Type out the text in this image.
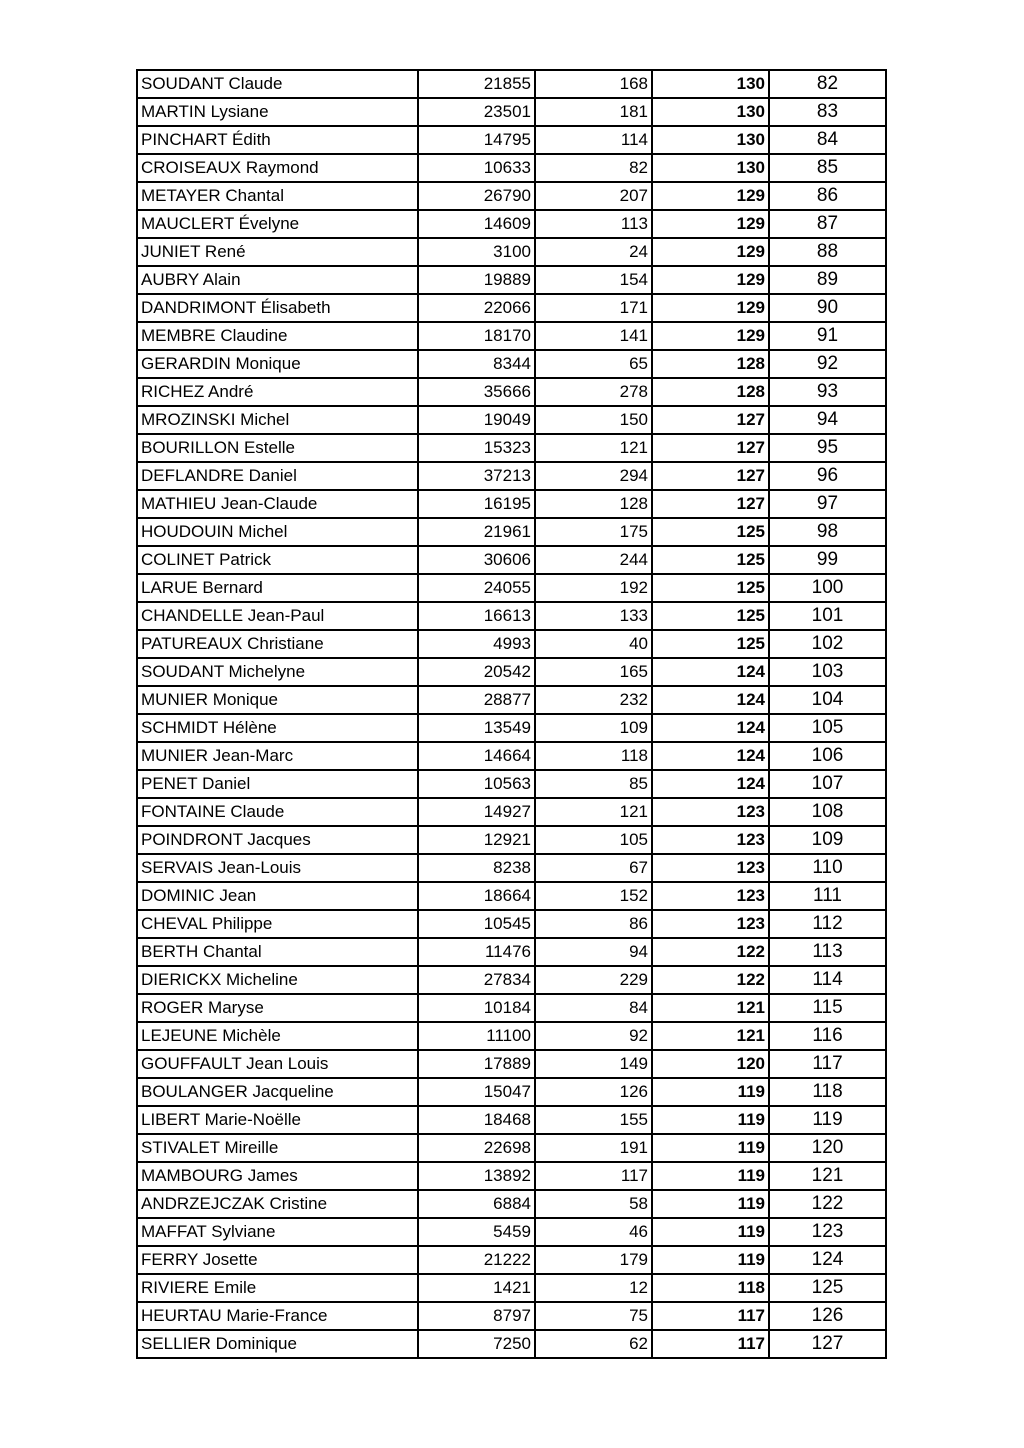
SOUDANT Claude	21855	168	130	82
MARTIN Lysiane	23501	181	130	83
PINCHART Édith	14795	114	130	84
CROISEAUX Raymond	10633	82	130	85
METAYER Chantal	26790	207	129	86
MAUCLERT Évelyne	14609	113	129	87
JUNIET René	3100	24	129	88
AUBRY Alain	19889	154	129	89
DANDRIMONT Élisabeth	22066	171	129	90
MEMBRE Claudine	18170	141	129	91
GERARDIN Monique	8344	65	128	92
RICHEZ André	35666	278	128	93
MROZINSKI Michel	19049	150	127	94
BOURILLON Estelle	15323	121	127	95
DEFLANDRE Daniel	37213	294	127	96
MATHIEU Jean-Claude	16195	128	127	97
HOUDOUIN Michel	21961	175	125	98
COLINET Patrick	30606	244	125	99
LARUE Bernard	24055	192	125	100
CHANDELLE Jean-Paul	16613	133	125	101
PATUREAUX Christiane	4993	40	125	102
SOUDANT Michelyne	20542	165	124	103
MUNIER Monique	28877	232	124	104
SCHMIDT Hélène	13549	109	124	105
MUNIER Jean-Marc	14664	118	124	106
PENET Daniel	10563	85	124	107
FONTAINE Claude	14927	121	123	108
POINDRONT Jacques	12921	105	123	109
SERVAIS Jean-Louis	8238	67	123	110
DOMINIC Jean	18664	152	123	111
CHEVAL Philippe	10545	86	123	112
BERTH Chantal	11476	94	122	113
DIERICKX Micheline	27834	229	122	114
ROGER Maryse	10184	84	121	115
LEJEUNE Michèle	11100	92	121	116
GOUFFAULT Jean Louis	17889	149	120	117
BOULANGER Jacqueline	15047	126	119	118
LIBERT Marie-Noëlle	18468	155	119	119
STIVALET Mireille	22698	191	119	120
MAMBOURG James	13892	117	119	121
ANDRZEJCZAK Cristine	6884	58	119	122
MAFFAT Sylviane	5459	46	119	123
FERRY Josette	21222	179	119	124
RIVIERE Emile	1421	12	118	125
HEURTAU Marie-France	8797	75	117	126
SELLIER Dominique	7250	62	117	127
